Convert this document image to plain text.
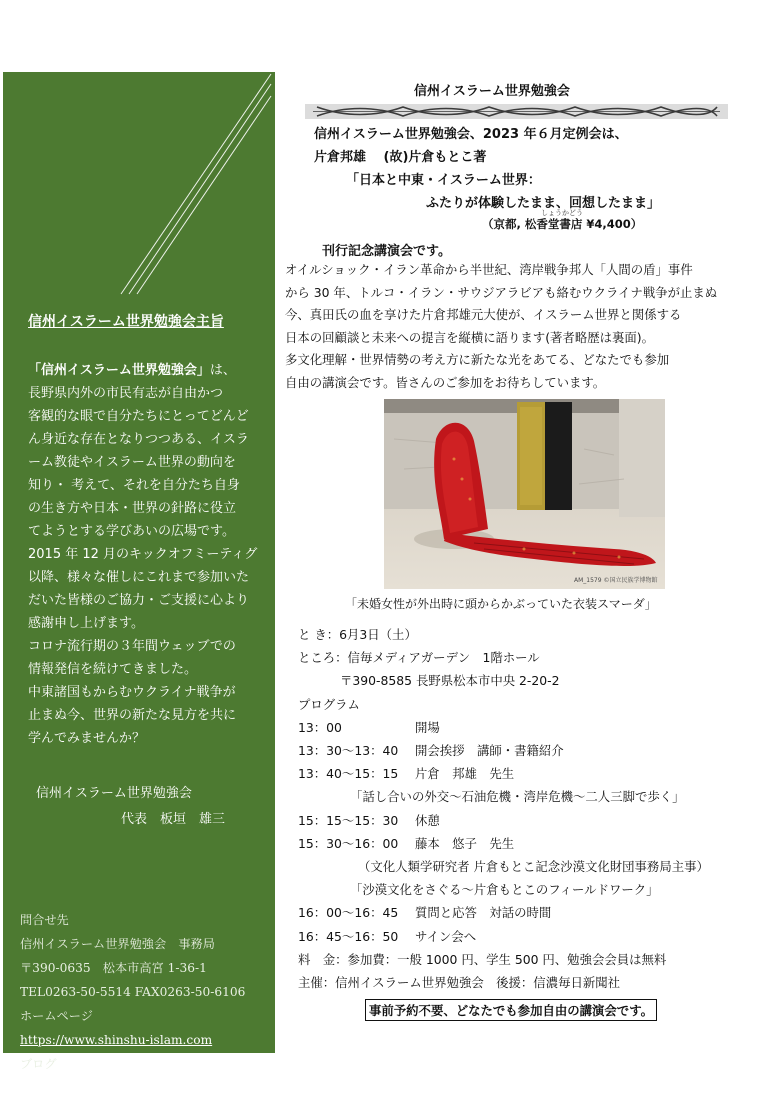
信州イスラーム世界勉強会主旨
「信州イスラーム世界勉強会」は、
長野県内外の市民有志が自由かつ
客観的な眼で自分たちにとってどんど
ん身近な存在となりつつある、イスラ
ーム教徒やイスラーム世界の動向を
知り・ 考えて、それを自分たち自身
の生き方や日本・世界の針路に役立
てようとする学びあいの広場です。
2015 年 12 月のキックオフミーティグ
以降、様々な催しにこれまで参加いた
だいた皆様のご協力・ご支援に心より
感謝申し上げます。
コロナ流行期の３年間ウェッブでの
情報発信を続けてきました。
中東諸国もからむウクライナ戦争が
止まぬ今、世界の新たな見方を共に
学んでみませんか？
信州イスラーム世界勉強会
代表　板垣　雄三
問合せ先
信州イスラーム世界勉強会　事務局
〒390-0635　松本市高宮 1-36-1
TEL0263-50-5514 FAX0263-50-6106
ホームページ
https://www.shinshu-islam.com
ブログ
https://muslimworld.naganoblog.jp
信州イスラーム世界勉強会
信州イスラーム世界勉強会、2023 年６月定例会は、
片倉邦雄　 (故)片倉もとこ著
「日本と中東・イスラーム世界：
ふたりが体験したまま、回想したまま」
しょうかどう
（京都, 松香堂書店 ¥4,400）
刊行記念講演会です。
オイルショック・イラン革命から半世紀、湾岸戦争邦人「人間の盾」事件
から 30 年、トルコ・イラン・サウジアラビアも絡むウクライナ戦争が止まぬ
今、真田氏の血を享けた片倉邦雄元大使が、イスラーム世界と関係する
日本の回顧談と未来への提言を縦横に語ります(著者略歴は裏面)。
多文化理解・世界情勢の考え方に新たな光をあてる、どなたでも参加
自由の講演会です。皆さんのご参加をお待ちしています。
AM_1579 ©国立民族学博物館
「未婚女性が外出時に頭からかぶっていた衣装スマーダ」
と き：6月3日（土）
ところ：信毎メディアガーデン　1階ホール
〒390-8585 長野県松本市中央 2-20-2
プログラム
13：00	開場
13：30～13：40 開会挨拶　講師・書籍紹介
13：40～15：15 片倉　邦雄　先生
「話し合いの外交～石油危機・湾岸危機～二人三脚で歩く」
15：15～15：30 休憩
15：30～16：00 藤本　悠子　先生
（文化人類学研究者 片倉もとこ記念沙漠文化財団事務局主事）
「沙漠文化をさぐる～片倉もとこのフィールドワーク」
16：00～16：45 質問と応答　対話の時間
16：45～16：50 サイン会へ
料　金：参加費：一般 1000 円、学生 500 円、勉強会会員は無料
主催：信州イスラーム世界勉強会　後援：信濃毎日新聞社
事前予約不要、どなたでも参加自由の講演会です。
